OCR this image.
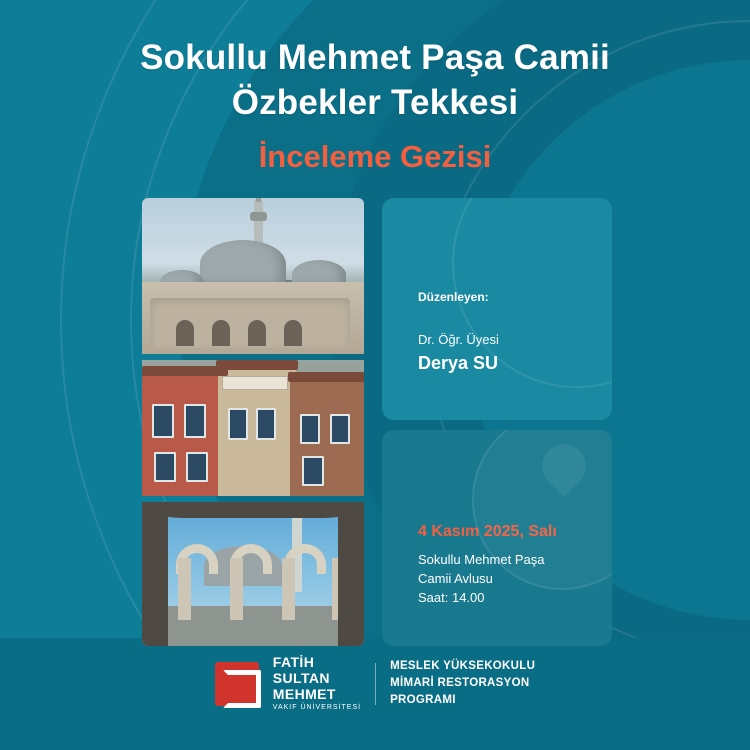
Sokullu Mehmet Paşa Camii
Özbekler Tekkesi
İnceleme Gezisi
Düzenleyen:
Dr. Öğr. Üyesi
Derya SU
4 Kasım 2025, Salı
Sokullu Mehmet Paşa
Camii Avlusu
Saat: 14.00
FATİH
SULTAN
MEHMET
VAKIF ÜNİVERSİTESİ
MESLEK YÜKSEKOKULU
MİMARİ RESTORASYON
PROGRAMI
